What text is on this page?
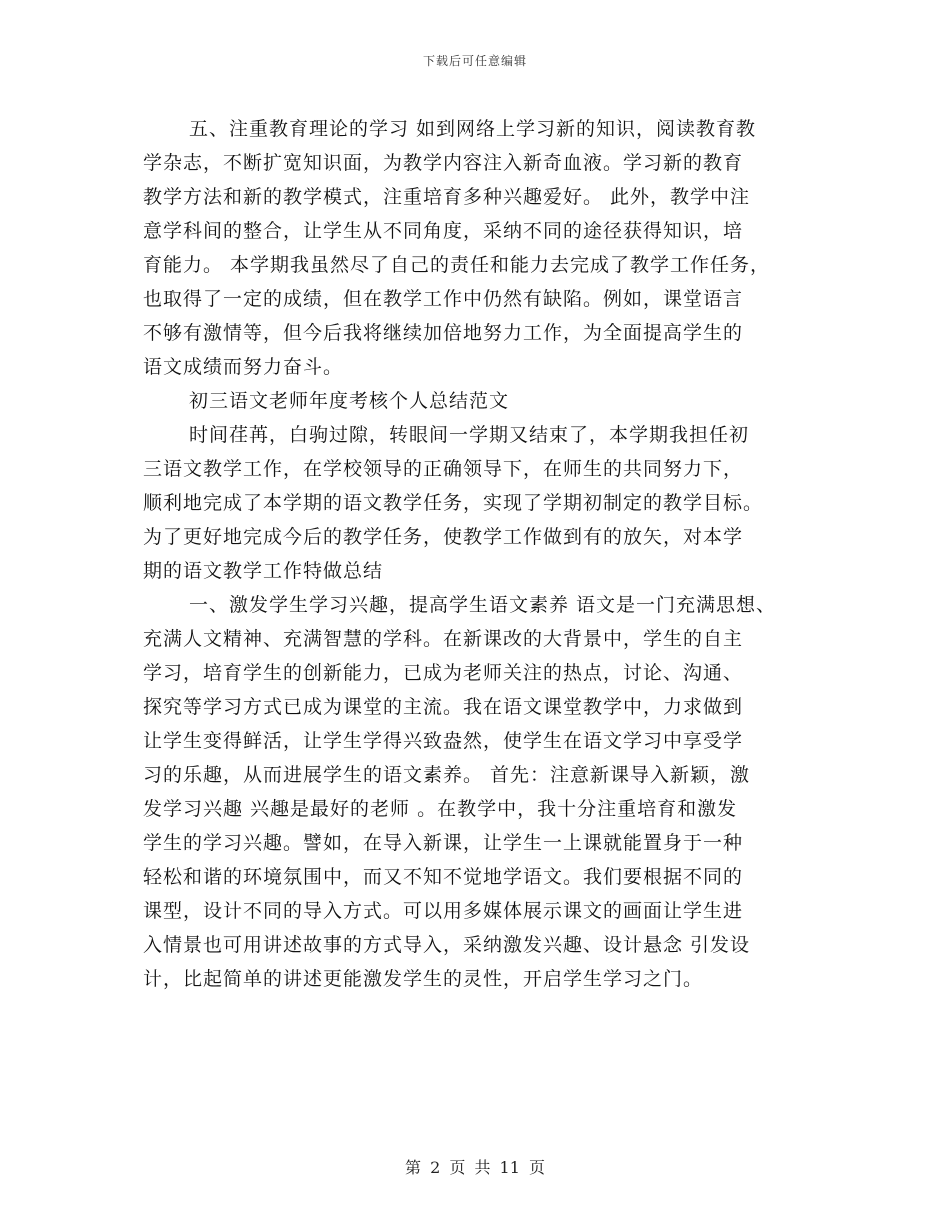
下载后可任意编辑
五、注重教育理论的学习 如到网络上学习新的知识，阅读教育教
学杂志，不断扩宽知识面，为教学内容注入新奇血液。学习新的教育
教学方法和新的教学模式，注重培育多种兴趣爱好。 此外，教学中注
意学科间的整合，让学生从不同角度，采纳不同的途径获得知识，培
育能力。 本学期我虽然尽了自己的责任和能力去完成了教学工作任务，
也取得了一定的成绩，但在教学工作中仍然有缺陷。例如，课堂语言
不够有激情等，但今后我将继续加倍地努力工作，为全面提高学生的
语文成绩而努力奋斗。
初三语文老师年度考核个人总结范文
时间荏苒，白驹过隙，转眼间一学期又结束了，本学期我担任初
三语文教学工作，在学校领导的正确领导下，在师生的共同努力下，
顺利地完成了本学期的语文教学任务，实现了学期初制定的教学目标。
为了更好地完成今后的教学任务，使教学工作做到有的放矢，对本学
期的语文教学工作特做总结
一、激发学生学习兴趣，提高学生语文素养 语文是一门充满思想、
充满人文精神、充满智慧的学科。在新课改的大背景中，学生的自主
学习，培育学生的创新能力，已成为老师关注的热点，讨论、沟通、
探究等学习方式已成为课堂的主流。我在语文课堂教学中，力求做到
让学生变得鲜活，让学生学得兴致盎然，使学生在语文学习中享受学
习的乐趣，从而进展学生的语文素养。 首先：注意新课导入新颖，激
发学习兴趣 兴趣是最好的老师 。在教学中，我十分注重培育和激发
学生的学习兴趣。譬如，在导入新课，让学生一上课就能置身于一种
轻松和谐的环境氛围中，而又不知不觉地学语文。我们要根据不同的
课型，设计不同的导入方式。可以用多媒体展示课文的画面让学生进
入情景也可用讲述故事的方式导入，采纳激发兴趣、设计悬念 引发设
计，比起简单的讲述更能激发学生的灵性，开启学生学习之门。
第 2 页 共 11 页
